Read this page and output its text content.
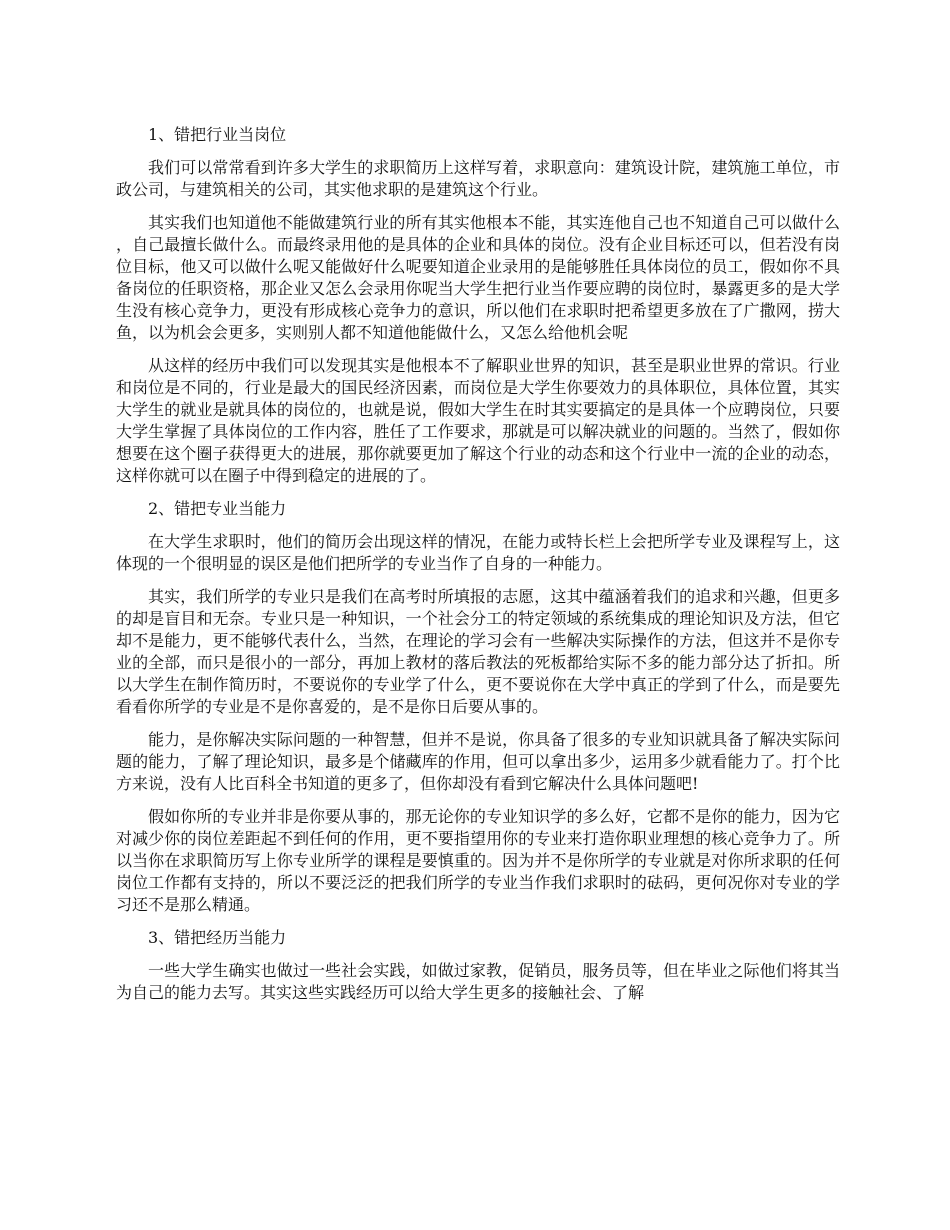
1、错把行业当岗位

我们可以常常看到许多大学生的求职简历上这样写着，求职意向：建筑设计院，建筑施工单位，市政公司，与建筑相关的公司，其实他求职的是建筑这个行业。

其实我们也知道他不能做建筑行业的所有其实他根本不能，其实连他自己也不知道自己可以做什么，自己最擅长做什么。而最终录用他的是具体的企业和具体的岗位。没有企业目标还可以，但若没有岗位目标，他又可以做什么呢又能做好什么呢要知道企业录用的是能够胜任具体岗位的员工，假如你不具备岗位的任职资格，那企业又怎么会录用你呢当大学生把行业当作要应聘的岗位时，暴露更多的是大学生没有核心竞争力，更没有形成核心竞争力的意识，所以他们在求职时把希望更多放在了广撒网，捞大鱼，以为机会会更多，实则别人都不知道他能做什么，又怎么给他机会呢

从这样的经历中我们可以发现其实是他根本不了解职业世界的知识，甚至是职业世界的常识。行业和岗位是不同的，行业是最大的国民经济因素，而岗位是大学生你要效力的具体职位，具体位置，其实大学生的就业是就具体的岗位的，也就是说，假如大学生在时其实要搞定的是具体一个应聘岗位，只要大学生掌握了具体岗位的工作内容，胜任了工作要求，那就是可以解决就业的问题的。当然了，假如你想要在这个圈子获得更大的进展，那你就要更加了解这个行业的动态和这个行业中一流的企业的动态，这样你就可以在圈子中得到稳定的进展的了。

2、错把专业当能力

在大学生求职时，他们的简历会出现这样的情况，在能力或特长栏上会把所学专业及课程写上，这体现的一个很明显的误区是他们把所学的专业当作了自身的一种能力。

其实，我们所学的专业只是我们在高考时所填报的志愿，这其中蕴涵着我们的追求和兴趣，但更多的却是盲目和无奈。专业只是一种知识，一个社会分工的特定领域的系统集成的理论知识及方法，但它却不是能力，更不能够代表什么，当然，在理论的学习会有一些解决实际操作的方法，但这并不是你专业的全部，而只是很小的一部分，再加上教材的落后教法的死板都给实际不多的能力部分达了折扣。所以大学生在制作简历时，不要说你的专业学了什么，更不要说你在大学中真正的学到了什么，而是要先看看你所学的专业是不是你喜爱的，是不是你日后要从事的。

能力，是你解决实际问题的一种智慧，但并不是说，你具备了很多的专业知识就具备了解决实际问题的能力，了解了理论知识，最多是个储藏库的作用，但可以拿出多少，运用多少就看能力了。打个比方来说，没有人比百科全书知道的更多了，但你却没有看到它解决什么具体问题吧!

假如你所的专业并非是你要从事的，那无论你的专业知识学的多么好，它都不是你的能力，因为它对减少你的岗位差距起不到任何的作用，更不要指望用你的专业来打造你职业理想的核心竞争力了。所以当你在求职简历写上你专业所学的课程是要慎重的。因为并不是你所学的专业就是对你所求职的任何岗位工作都有支持的，所以不要泛泛的把我们所学的专业当作我们求职时的砝码，更何况你对专业的学习还不是那么精通。

3、错把经历当能力

一些大学生确实也做过一些社会实践，如做过家教，促销员，服务员等，但在毕业之际他们将其当为自己的能力去写。其实这些实践经历可以给大学生更多的接触社会、了解
